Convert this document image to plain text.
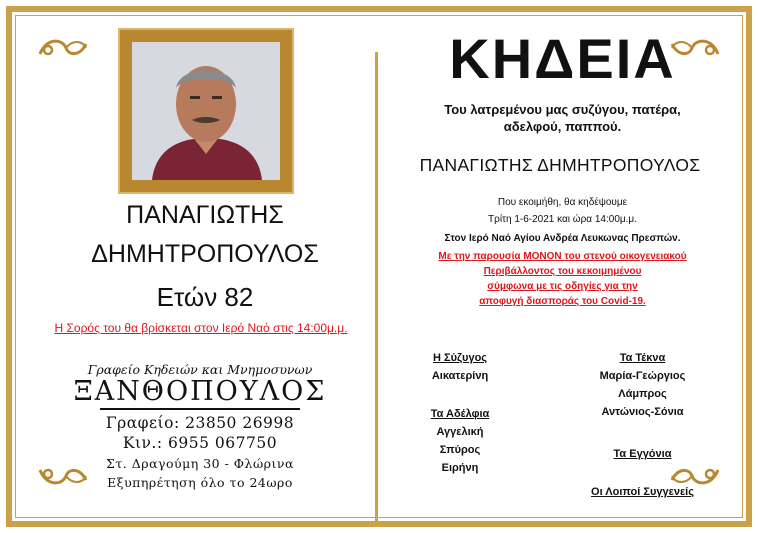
ΠΑΝΑΓΙΩΤΗΣ
ΔΗΜΗΤΡΟΠΟΥΛΟΣ
Ετών 82
Η Σορός του θα βρίσκεται στον Ιερό Ναό στις 14:00μ.μ.
Γραφείο Κηδειών και Μνημοσυνων
ΞΑΝΘΟΠΟΥΛΟΣ
Γραφείο: 23850 26998
Κιν.: 6955 067750
Στ. Δραγούμη 30 - Φλώρινα
Εξυπηρέτηση όλο το 24ωρο
ΚΗΔΕΙΑ
Του λατρεμένου μας συζύγου, πατέρα,
αδελφού, παππού.
ΠΑΝΑΓΙΩΤΗΣ ΔΗΜΗΤΡΟΠΟΥΛΟΣ
Που εκοιμήθη, θα κηδέψουμε
Τρίτη 1-6-2021 και ώρα 14:00μ.μ.
Στον Ιερό Ναό Αγίου Ανδρέα Λευκωνας Πρεσπών.
Με την παρουσία ΜΟΝΟΝ του στενού οικογενειακού
Περιβάλλοντος του κεκοιμημένου
σύμφωνα με τις οδηγίες για την
αποφυγή διασποράς του Covid-19.
Η Σύζυγος
Αικατερίνη
Τα Αδέλφια
Αγγελική
Σπύρος
Ειρήνη
Τα Τέκνα
Μαρία-Γεώργιος
Λάμπρος
Αντώνιος-Σόνια
Τα Εγγόνια
Οι Λοιποί Συγγενείς
